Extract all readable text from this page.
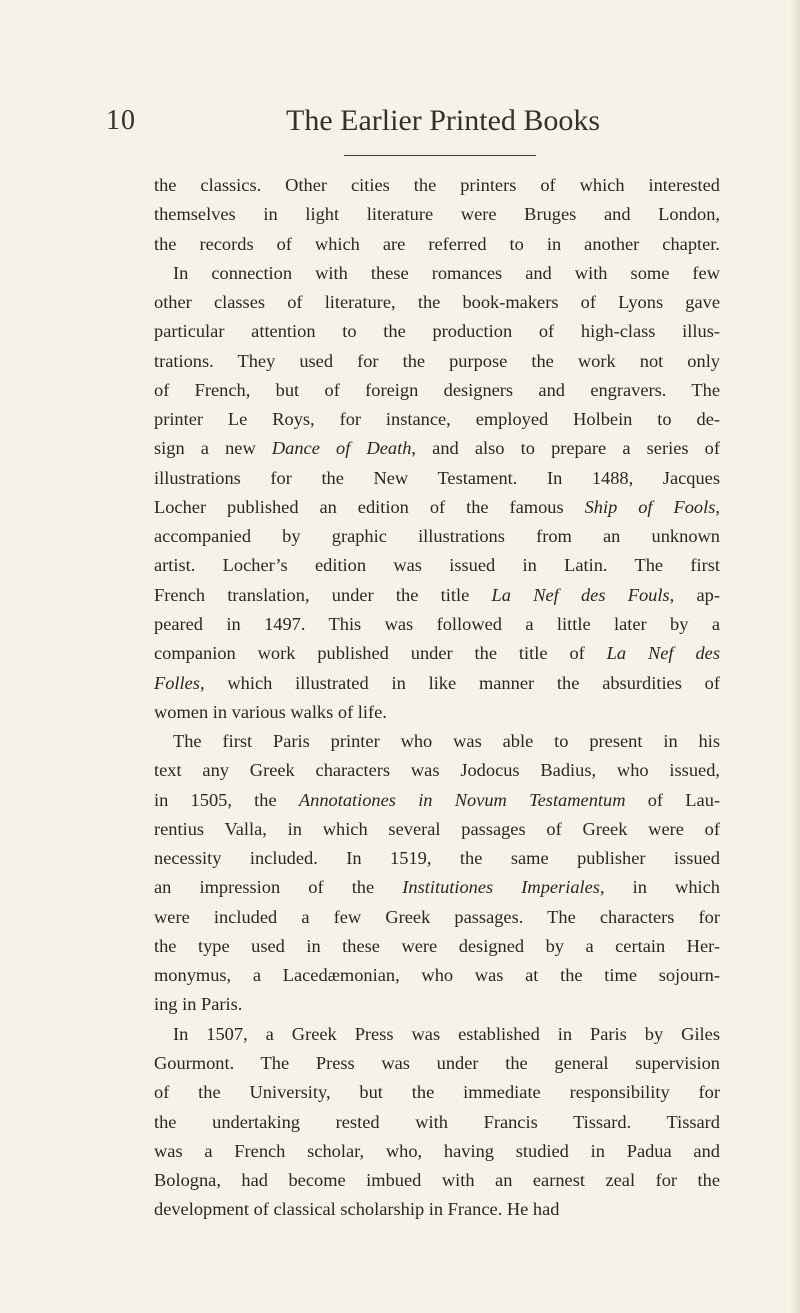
10	The Earlier Printed Books

the classics. Other cities the printers of which interested

themselves in light literature were Bruges and London,

the records of which are referred to in another chapter.

In connection with these romances and with some few

other classes of literature, the book-makers of Lyons gave

particular attention to the production of high-class illus-

trations. They used for the purpose the work not only

of French, but of foreign designers and engravers. The

printer Le Roys, for instance, employed Holbein to de-

sign a new Dance of Death, and also to prepare a series of

illustrations for the New Testament. In 1488, Jacques

Locher published an edition of the famous Ship of Fools,

accompanied by graphic illustrations from an unknown

artist. Locher’s edition was issued in Latin. The first

French translation, under the title La Nef des Fouls, ap-

peared in 1497. This was followed a little later by a

companion work published under the title of La Nef des

Folles, which illustrated in like manner the absurdities of

women in various walks of life.

The first Paris printer who was able to present in his

text any Greek characters was Jodocus Badius, who issued,

in 1505, the Annotationes in Novum Testamentum of Lau-

rentius Valla, in which several passages of Greek were of

necessity included. In 1519, the same publisher issued

an impression of the Institutiones Imperiales, in which

were included a few Greek passages. The characters for

the type used in these were designed by a certain Her-

monymus, a Lacedæmonian, who was at the time sojourn-

ing in Paris.

In 1507, a Greek Press was established in Paris by Giles

Gourmont. The Press was under the general supervision

of the University, but the immediate responsibility for

the undertaking rested with Francis Tissard. Tissard

was a French scholar, who, having studied in Padua and

Bologna, had become imbued with an earnest zeal for the

development of classical scholarship in France. He had
